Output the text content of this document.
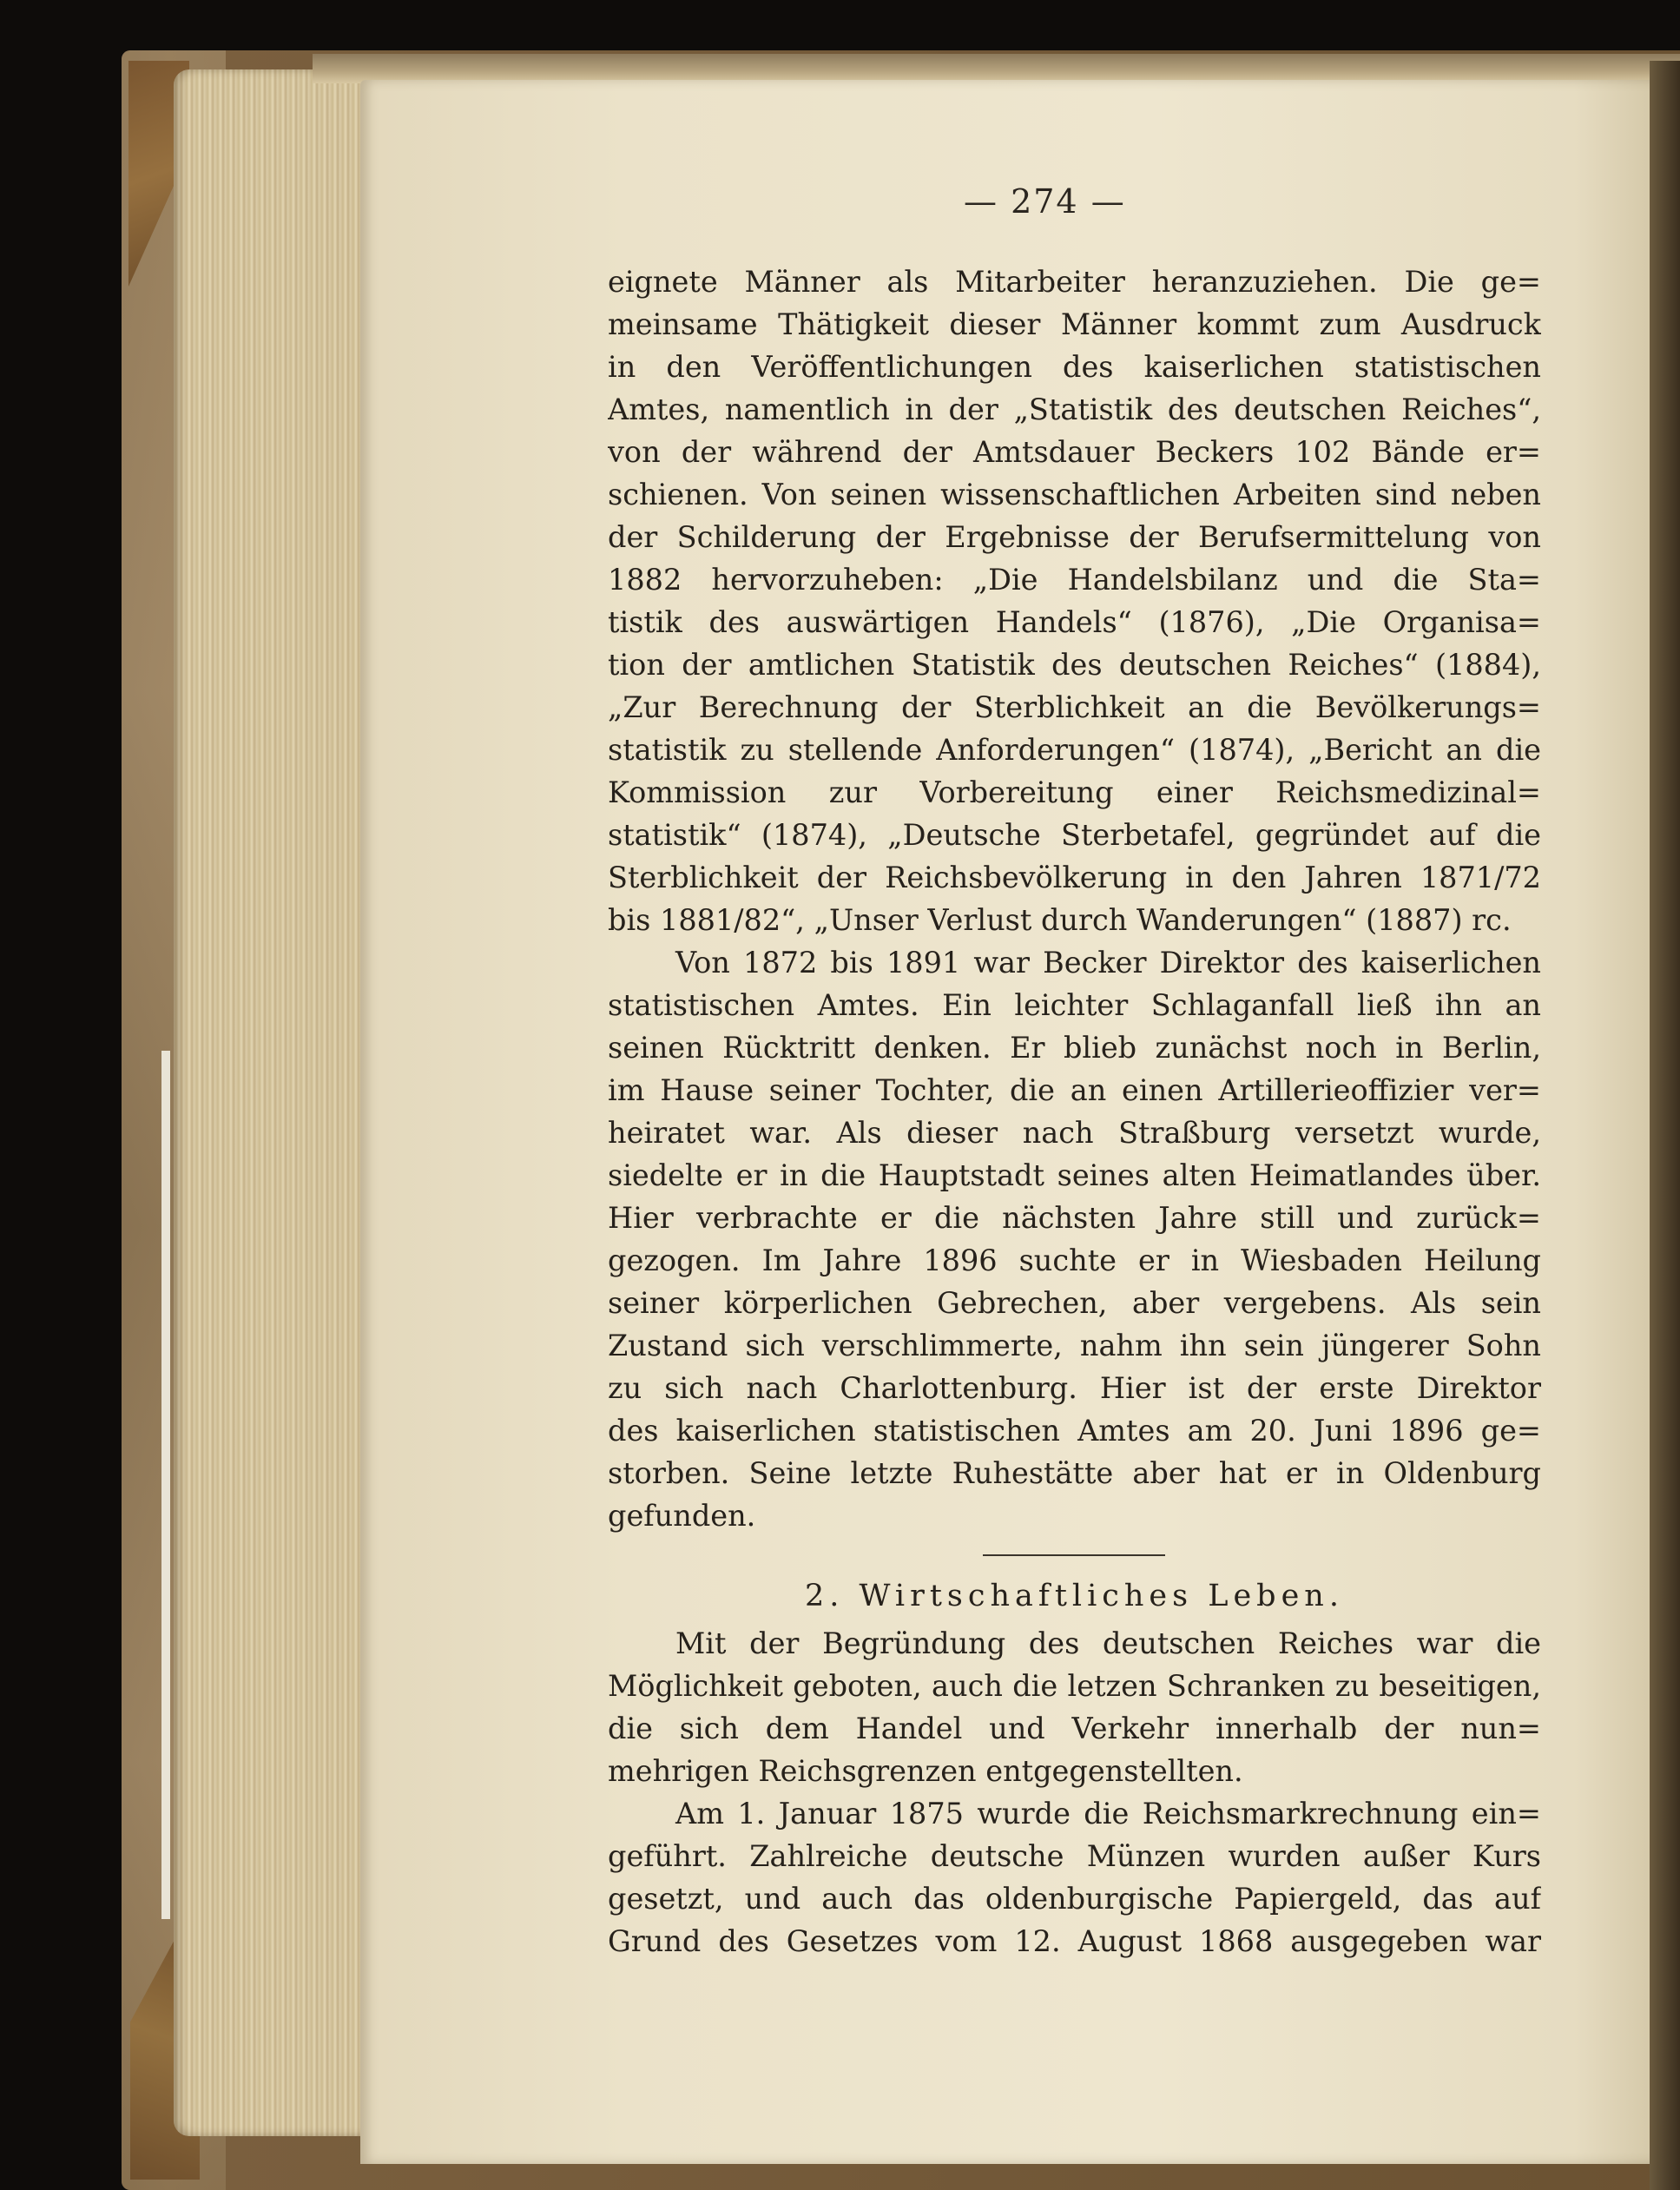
— 274 —
eignete Männer als Mitarbeiter heranzuziehen. Die ge=
meinsame Thätigkeit dieser Männer kommt zum Ausdruck
in den Veröffentlichungen des kaiserlichen statistischen
Amtes, namentlich in der „Statistik des deutschen Reiches“,
von der während der Amtsdauer Beckers 102 Bände er=
schienen. Von seinen wissenschaftlichen Arbeiten sind neben
der Schilderung der Ergebnisse der Berufsermittelung von
1882 hervorzuheben: „Die Handelsbilanz und die Sta=
tistik des auswärtigen Handels“ (1876), „Die Organisa=
tion der amtlichen Statistik des deutschen Reiches“ (1884),
„Zur Berechnung der Sterblichkeit an die Bevölkerungs=
statistik zu stellende Anforderungen“ (1874), „Bericht an die
Kommission zur Vorbereitung einer Reichsmedizinal=
statistik“ (1874), „Deutsche Sterbetafel, gegründet auf die
Sterblichkeit der Reichsbevölkerung in den Jahren 1871/72
bis 1881/82“, „Unser Verlust durch Wanderungen“ (1887) rc.
Von 1872 bis 1891 war Becker Direktor des kaiserlichen
statistischen Amtes. Ein leichter Schlaganfall ließ ihn an
seinen Rücktritt denken. Er blieb zunächst noch in Berlin,
im Hause seiner Tochter, die an einen Artillerieoffizier ver=
heiratet war. Als dieser nach Straßburg versetzt wurde,
siedelte er in die Hauptstadt seines alten Heimatlandes über.
Hier verbrachte er die nächsten Jahre still und zurück=
gezogen. Im Jahre 1896 suchte er in Wiesbaden Heilung
seiner körperlichen Gebrechen, aber vergebens. Als sein
Zustand sich verschlimmerte, nahm ihn sein jüngerer Sohn
zu sich nach Charlottenburg. Hier ist der erste Direktor
des kaiserlichen statistischen Amtes am 20. Juni 1896 ge=
storben. Seine letzte Ruhestätte aber hat er in Oldenburg
gefunden.
2. Wirtschaftliches Leben.
Mit der Begründung des deutschen Reiches war die
Möglichkeit geboten, auch die letzen Schranken zu beseitigen,
die sich dem Handel und Verkehr innerhalb der nun=
mehrigen Reichsgrenzen entgegenstellten.
Am 1. Januar 1875 wurde die Reichsmarkrechnung ein=
geführt. Zahlreiche deutsche Münzen wurden außer Kurs
gesetzt, und auch das oldenburgische Papiergeld, das auf
Grund des Gesetzes vom 12. August 1868 ausgegeben war
